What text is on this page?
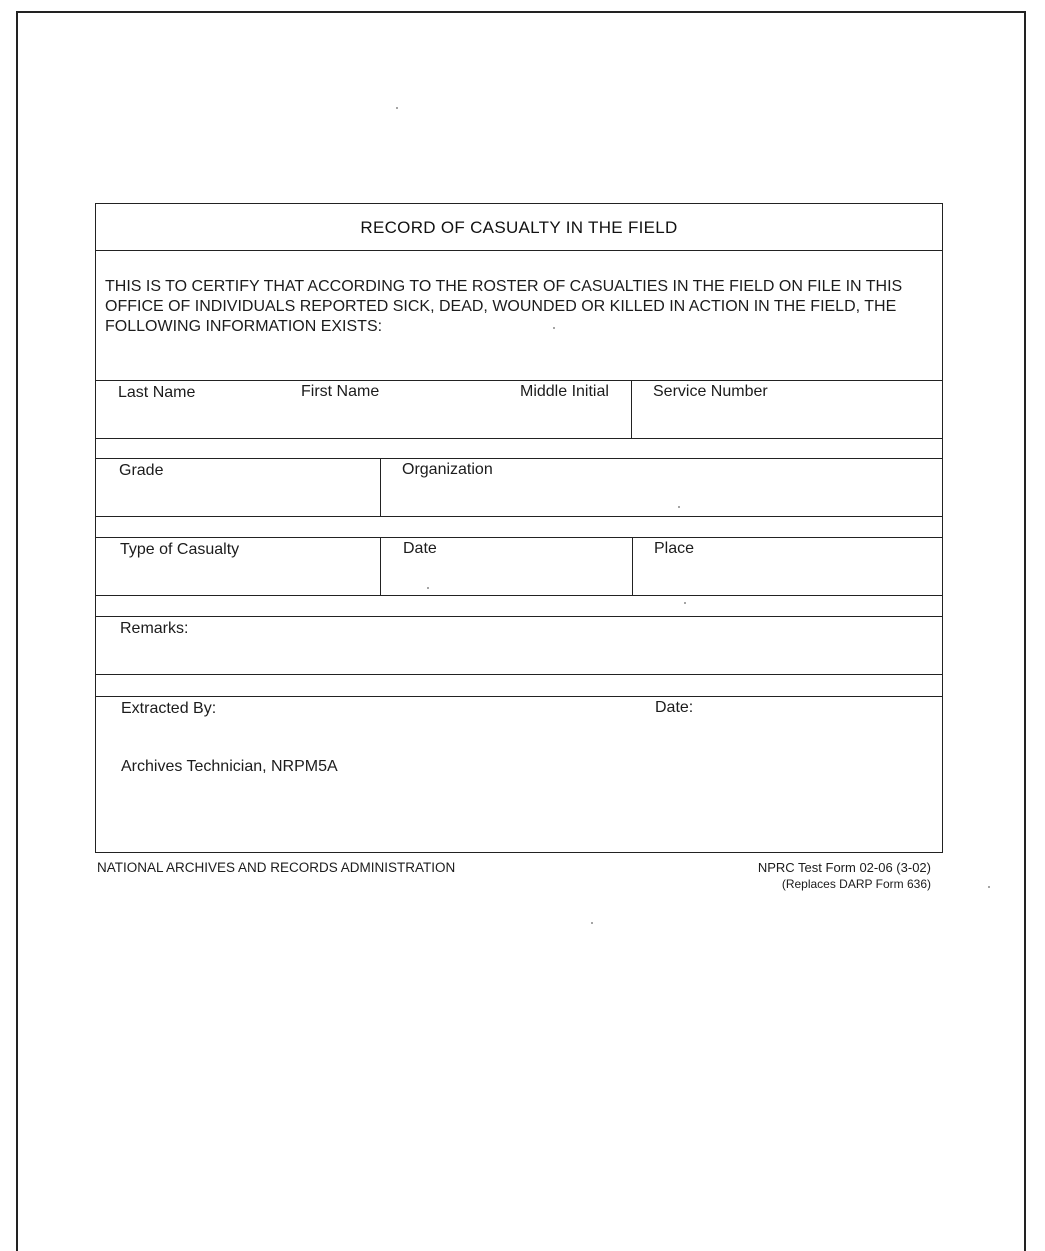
RECORD OF CASUALTY IN THE FIELD
THIS IS TO CERTIFY THAT ACCORDING TO THE ROSTER OF CASUALTIES IN THE FIELD ON FILE IN THIS OFFICE OF INDIVIDUALS REPORTED SICK, DEAD, WOUNDED OR KILLED IN ACTION IN THE FIELD, THE FOLLOWING INFORMATION EXISTS:
Last Name	First Name	Middle Initial	Service Number
Grade	Organization
Type of Casualty	Date	Place
Remarks:
Extracted By:	Date:
Archives Technician, NRPM5A
NATIONAL ARCHIVES AND RECORDS ADMINISTRATION	NPRC Test Form 02-06 (3-02)
(Replaces DARP Form 636)
